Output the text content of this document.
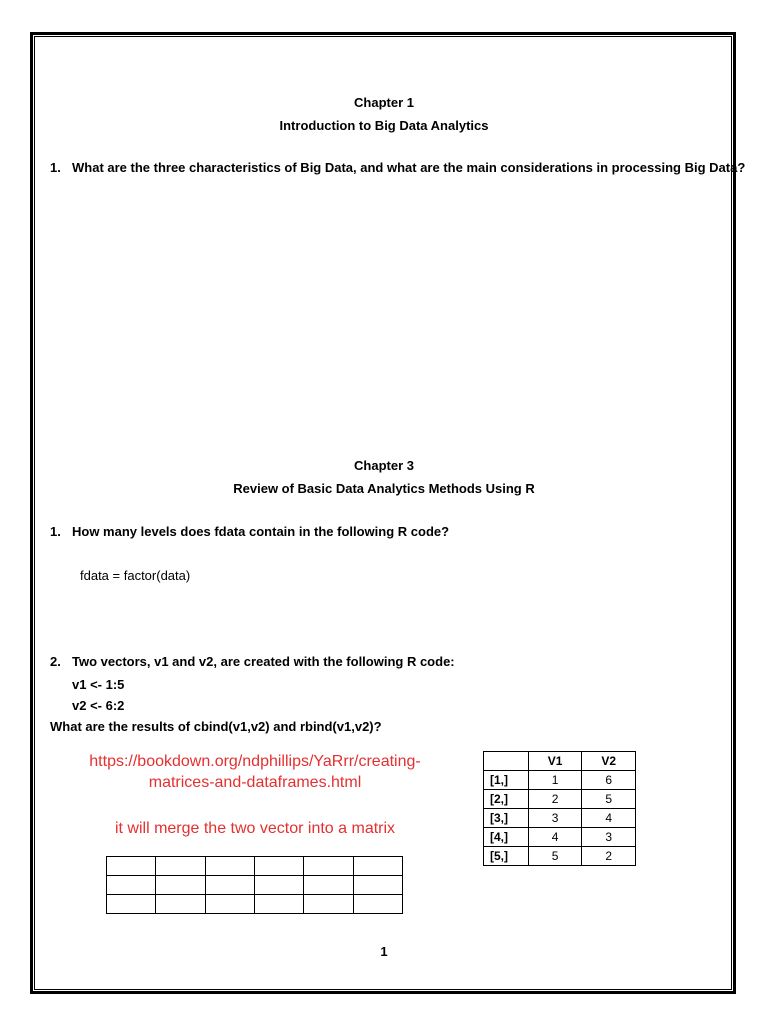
Chapter 1
Introduction to Big Data Analytics
1. What are the three characteristics of Big Data, and what are the main considerations in processing Big Data?
Chapter 3
Review of Basic Data Analytics Methods Using R
1. How many levels does fdata contain in the following R code?
fdata = factor(data)
2. Two vectors, v1 and v2, are created with the following R code:
v1 <- 1:5
v2 <- 6:2
What are the results of cbind(v1,v2) and rbind(v1,v2)?
https://bookdown.org/ndphillips/YaRrr/creating-
matrices-and-dataframes.html
it will merge the two vector into a matrix

	V1	V2
[1,]	1	6
[2,]	2	5
[3,]	3	4
[4,]	4	3
[5,]	5	2
1
